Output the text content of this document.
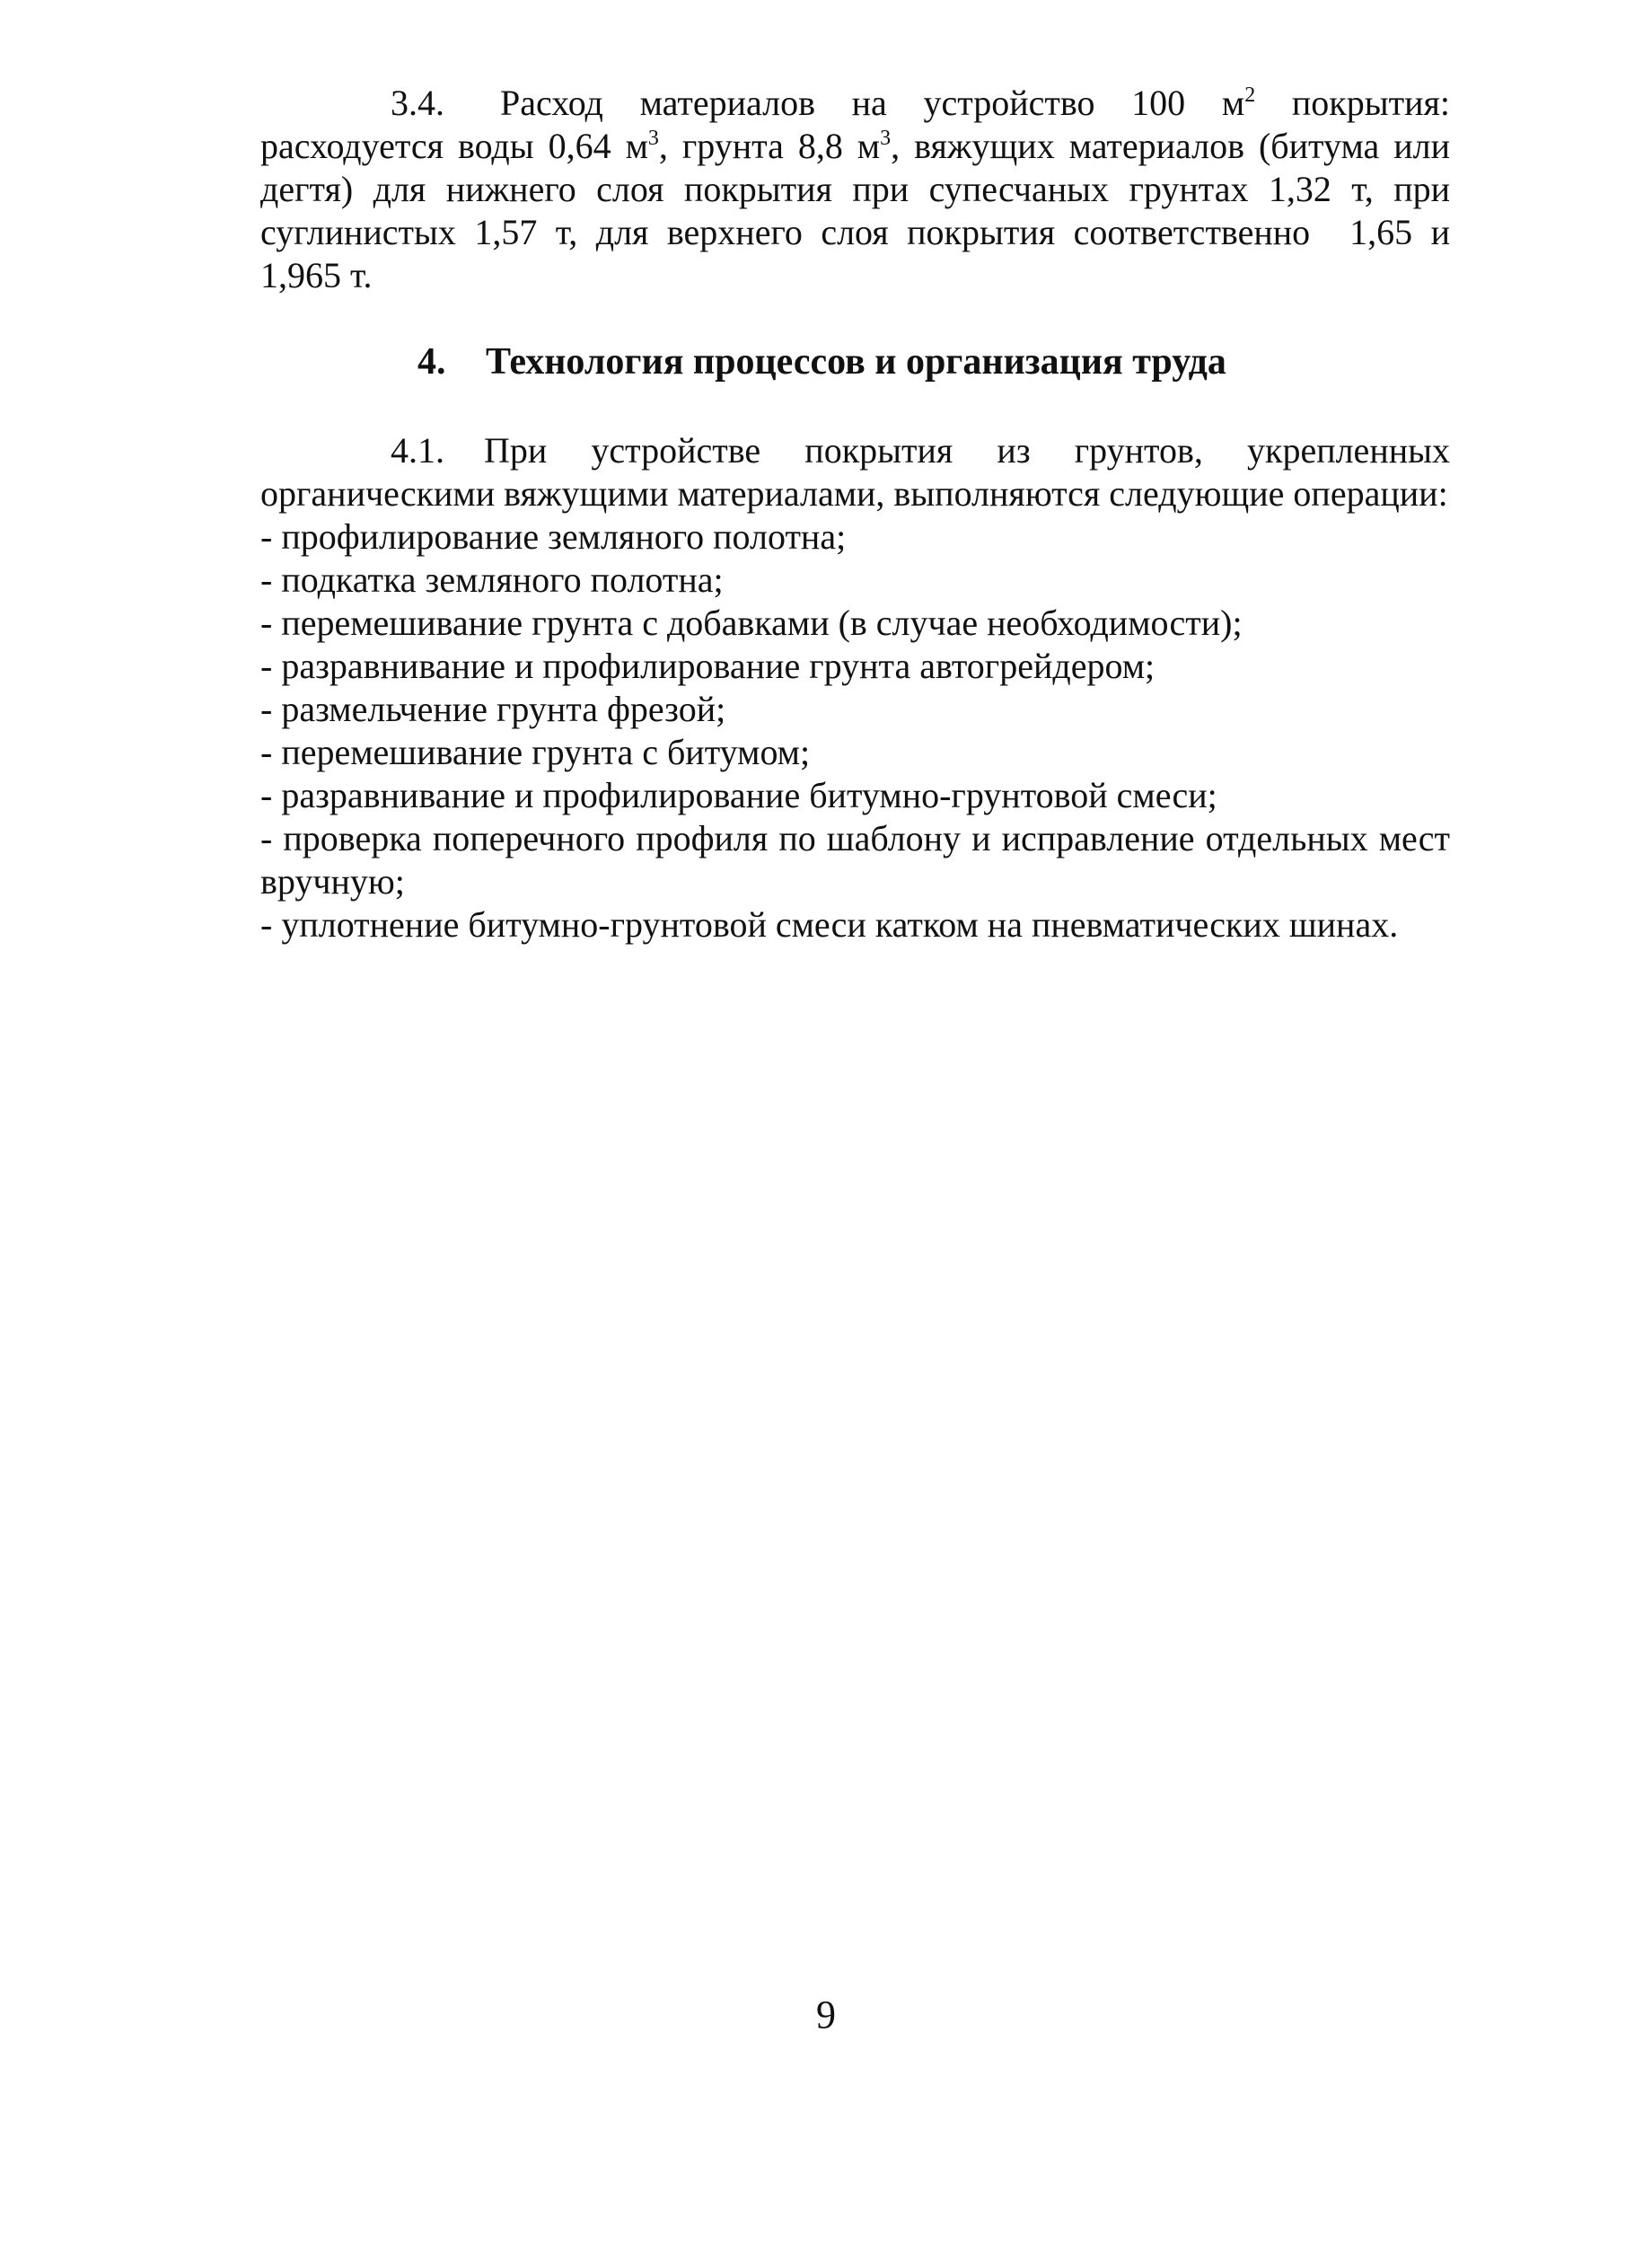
3.4. Расход материалов на устройство 100 $м^2$ покрытия: расходуется воды 0,64 $м^3$, грунта 8,8 $м^3$, вяжущих материалов (битума или дегтя) для нижнего слоя покрытия при супесчаных грунтах 1,32 т, при суглинистых 1,57 т, для верхнего слоя покрытия соответственно 1,65 и 1,965 т.

4. Технология процессов и организация труда

4.1. При устройстве покрытия из грунтов, укрепленных органическими вяжущими материалами, выполняются следующие операции:

- профилирование земляного полотна;
- подкатка земляного полотна;
- перемешивание грунта с добавками (в случае необходимости);
- разравнивание и профилирование грунта автогрейдером;
- размельчение грунта фрезой;
- перемешивание грунта с битумом;
- разравнивание и профилирование битумно-грунтовой смеси;
- проверка поперечного профиля по шаблону и исправление отдельных мест вручную;
- уплотнение битумно-грунтовой смеси катком на пневматических шинах.
9
